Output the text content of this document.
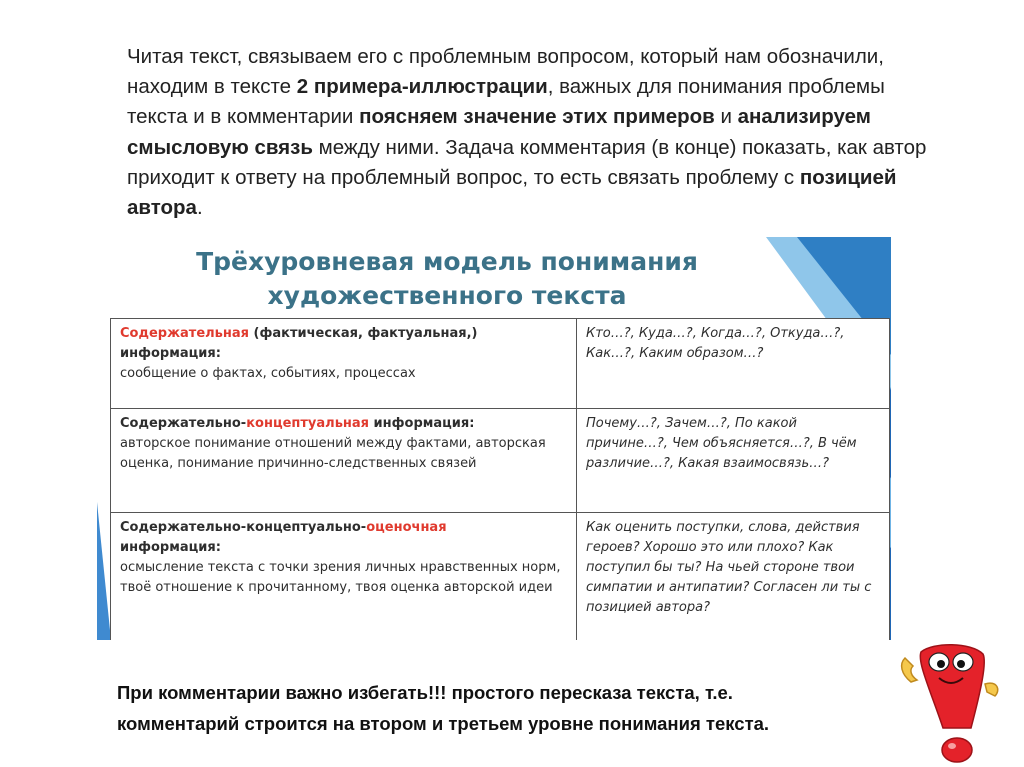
Читая текст, связываем его с проблемным вопросом, который нам обозначили, находим в тексте 2 примера-иллюстрации, важных для понимания проблемы текста и в комментарии поясняем значение этих примеров и анализируем смысловую связь между ними. Задача комментария (в конце) показать, как автор приходит к ответу на проблемный вопрос, то есть связать проблему с позицией автора.
Трёхуровневая модель понимания
художественного текста
Содержательная (фактическая, фактуальная,)
информация:
сообщение о фактах, событиях, процессах	Кто…?, Куда…?, Когда…?, Откуда…?, Как…?, Каким образом…?
Содержательно-концептуальная информация:
авторское понимание отношений между фактами, авторская оценка, понимание причинно-следственных связей	Почему…?, Зачем…?, По какой причине…?, Чем объясняется…?, В чём различие…?, Какая взаимосвязь…?
Содержательно-концептуально-оценочная
информация:
осмысление текста с точки зрения личных нравственных норм, твоё отношение к прочитанному, твоя оценка авторской идеи	Как оценить поступки, слова, действия героев? Хорошо это или плохо? Как поступил бы ты? На чьей стороне твои симпатии и антипатии? Согласен ли ты с позицией автора?
При комментарии важно избегать!!! простого пересказа текста, т.е.
комментарий строится на втором и третьем уровне понимания текста.
